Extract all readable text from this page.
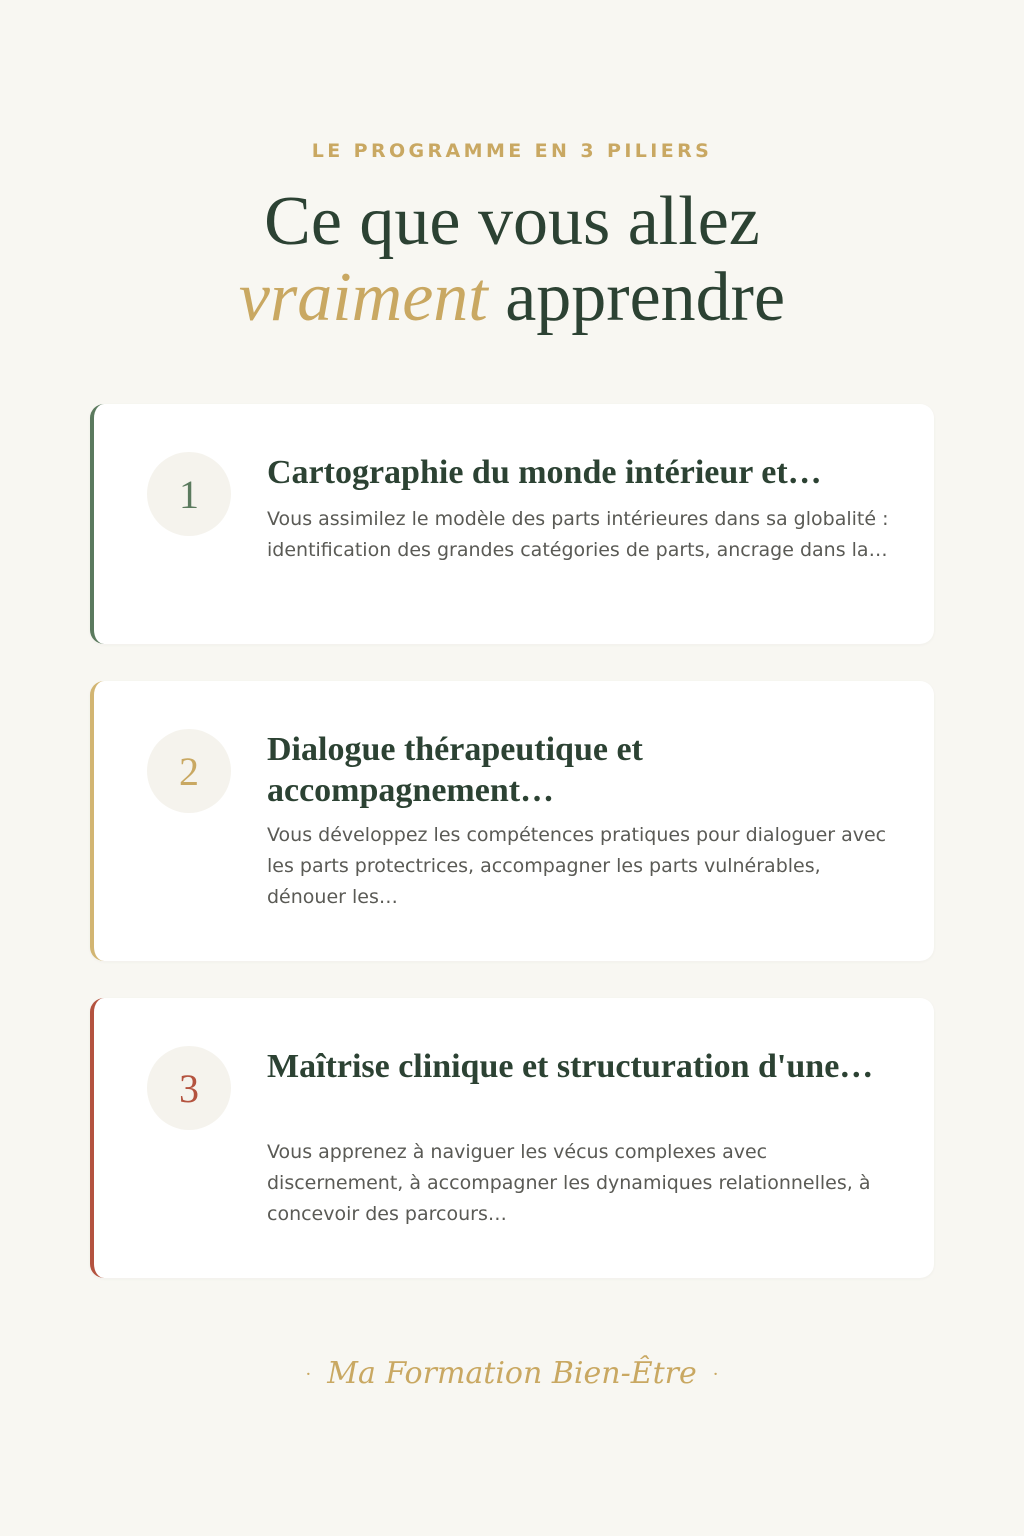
LE PROGRAMME EN 3 PILIERS
Ce que vous allez
vraiment apprendre
1	Cartographie du monde intérieur et…

Vous assimilez le modèle des parts intérieures dans sa globalité : identification des grandes catégories de parts, ancrage dans la…

2	Dialogue thérapeutique et accompagnement…

Vous développez les compétences pratiques pour dialoguer avec les parts protectrices, accompagner les parts vulnérables, dénouer les…

3	Maîtrise clinique et structuration d'une…

Vous apprenez à naviguer les vécus complexes avec discernement, à accompagner les dynamiques relationnelles, à concevoir des parcours…

· Ma Formation Bien-Être ·
